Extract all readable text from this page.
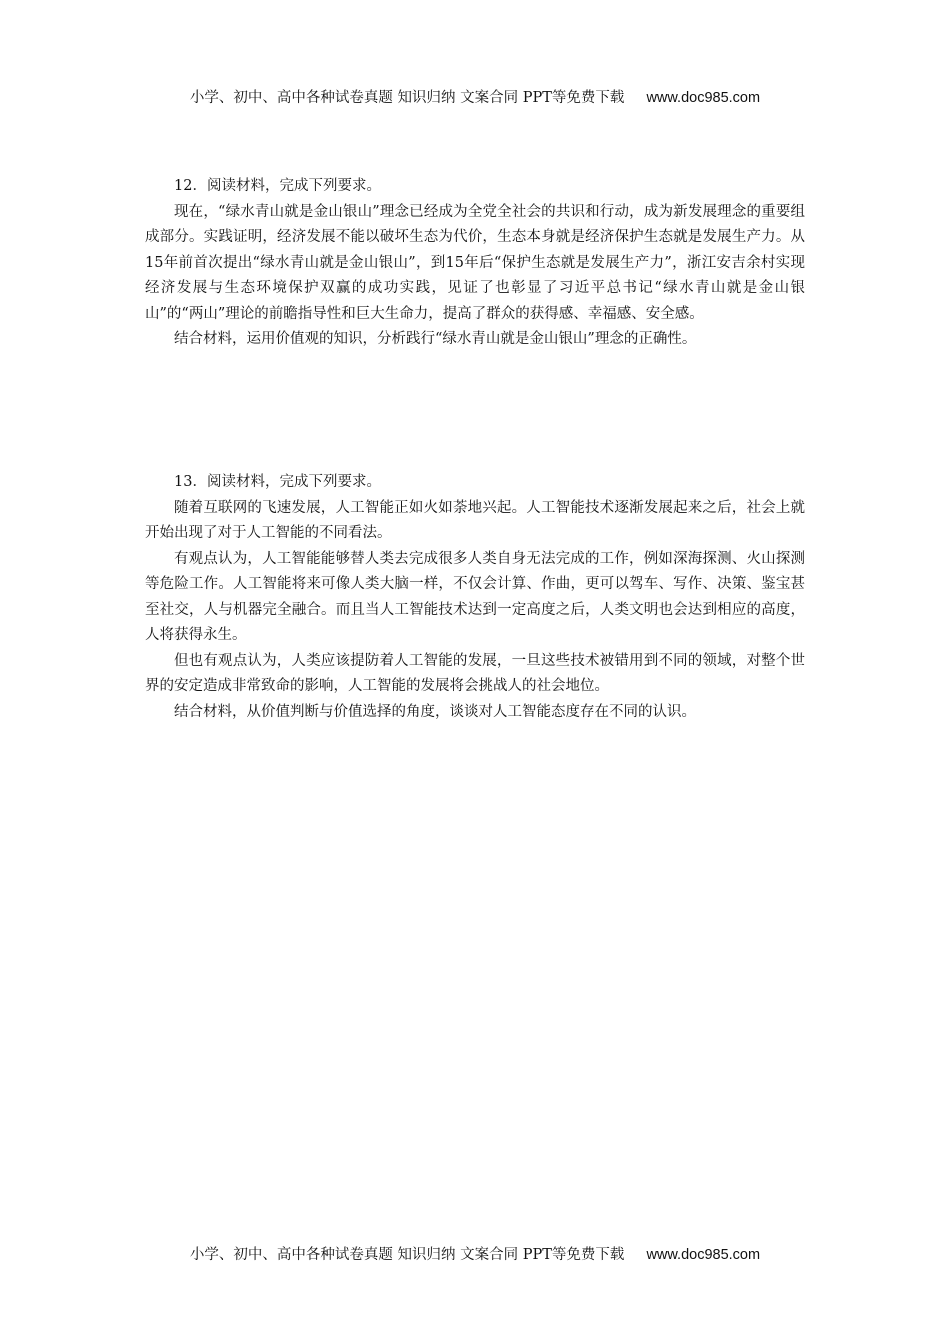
小学、初中、高中各种试卷真题 知识归纳 文案合同 PPT等免费下载 www.doc985.com

12．阅读材料，完成下列要求。

现在，“绿水青山就是金山银山”理念已经成为全党全社会的共识和行动，成为新发展理念的重要组成部分。实践证明，经济发展不能以破坏生态为代价，生态本身就是经济保护生态就是发展生产力。从15年前首次提出“绿水青山就是金山银山”，到15年后“保护生态就是发展生产力”，浙江安吉余村实现经济发展与生态环境保护双赢的成功实践，见证了也彰显了习近平总书记“绿水青山就是金山银山”的“两山”理论的前瞻指导性和巨大生命力，提高了群众的获得感、幸福感、安全感。

结合材料，运用价值观的知识，分析践行“绿水青山就是金山银山”理念的正确性。

13．阅读材料，完成下列要求。

随着互联网的飞速发展，人工智能正如火如荼地兴起。人工智能技术逐渐发展起来之后，社会上就开始出现了对于人工智能的不同看法。

有观点认为，人工智能能够替人类去完成很多人类自身无法完成的工作，例如深海探测、火山探测等危险工作。人工智能将来可像人类大脑一样，不仅会计算、作曲，更可以驾车、写作、决策、鉴宝甚至社交，人与机器完全融合。而且当人工智能技术达到一定高度之后，人类文明也会达到相应的高度，人将获得永生。

但也有观点认为，人类应该提防着人工智能的发展，一旦这些技术被错用到不同的领域，对整个世界的安定造成非常致命的影响，人工智能的发展将会挑战人的社会地位。

结合材料，从价值判断与价值选择的角度，谈谈对人工智能态度存在不同的认识。

小学、初中、高中各种试卷真题 知识归纳 文案合同 PPT等免费下载 www.doc985.com
